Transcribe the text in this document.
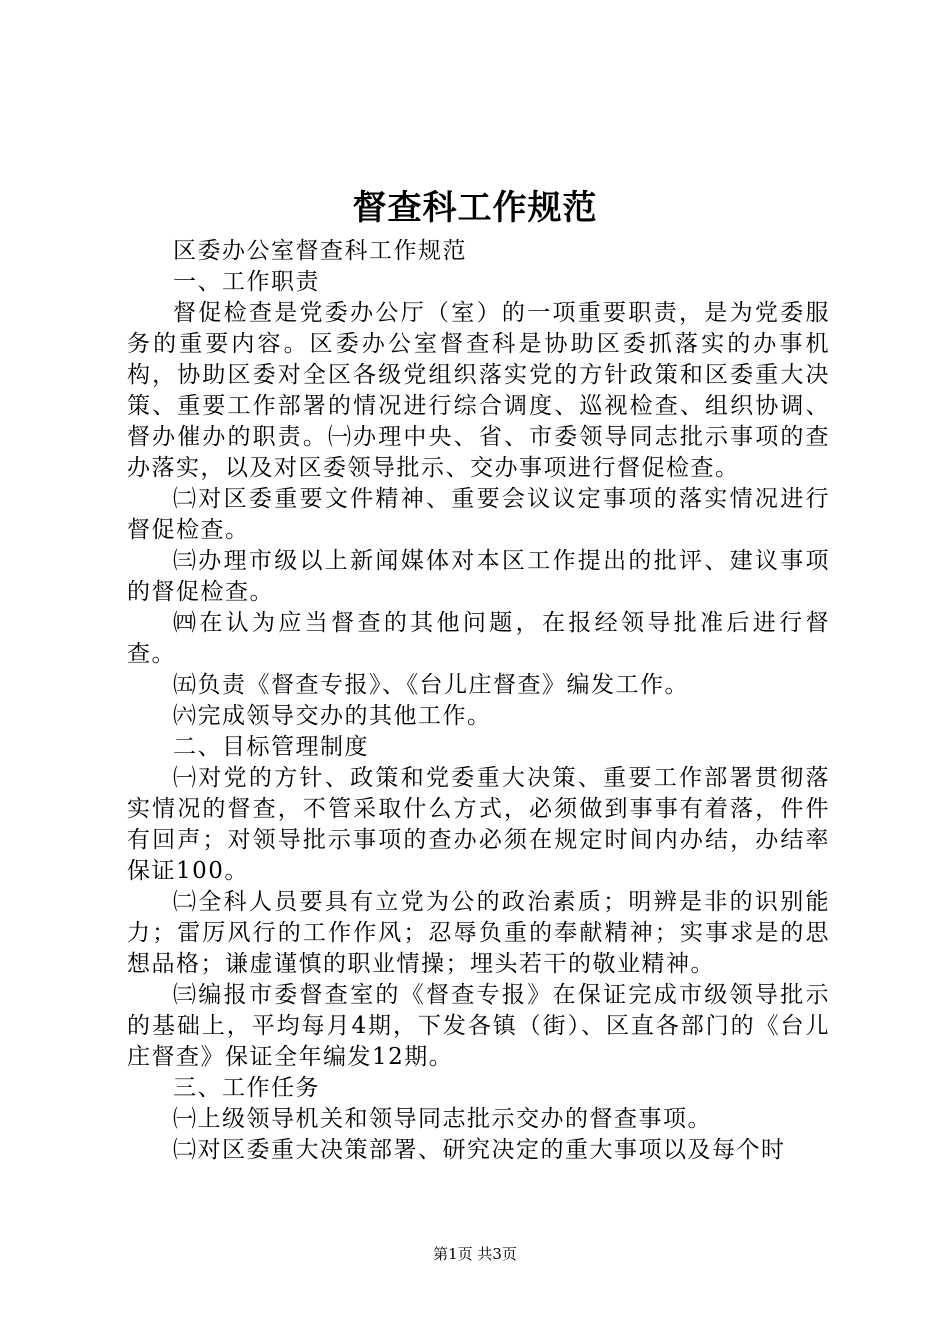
督查科工作规范

区委办公室督查科工作规范

一、工作职责

督促检查是党委办公厅（室）的一项重要职责，是为党委服务的重要内容。区委办公室督查科是协助区委抓落实的办事机构，协助区委对全区各级党组织落实党的方针政策和区委重大决策、重要工作部署的情况进行综合调度、巡视检查、组织协调、督办催办的职责。㈠办理中央、省、市委领导同志批示事项的查办落实，以及对区委领导批示、交办事项进行督促检查。

㈡对区委重要文件精神、重要会议议定事项的落实情况进行督促检查。

㈢办理市级以上新闻媒体对本区工作提出的批评、建议事项的督促检查。

㈣在认为应当督查的其他问题，在报经领导批准后进行督查。

㈤负责《督查专报》、《台儿庄督查》编发工作。

㈥完成领导交办的其他工作。

二、目标管理制度

㈠对党的方针、政策和党委重大决策、重要工作部署贯彻落实情况的督查，不管采取什么方式，必须做到事事有着落，件件有回声；对领导批示事项的查办必须在规定时间内办结，办结率保证100。

㈡全科人员要具有立党为公的政治素质；明辨是非的识别能力；雷厉风行的工作作风；忍辱负重的奉献精神；实事求是的思想品格；谦虚谨慎的职业情操；埋头若干的敬业精神。

㈢编报市委督查室的《督查专报》在保证完成市级领导批示的基础上，平均每月4期，下发各镇（街）、区直各部门的《台儿庄督查》保证全年编发12期。

三、工作任务

㈠上级领导机关和领导同志批示交办的督查事项。

㈡对区委重大决策部署、研究决定的重大事项以及每个时

第1页 共3页
